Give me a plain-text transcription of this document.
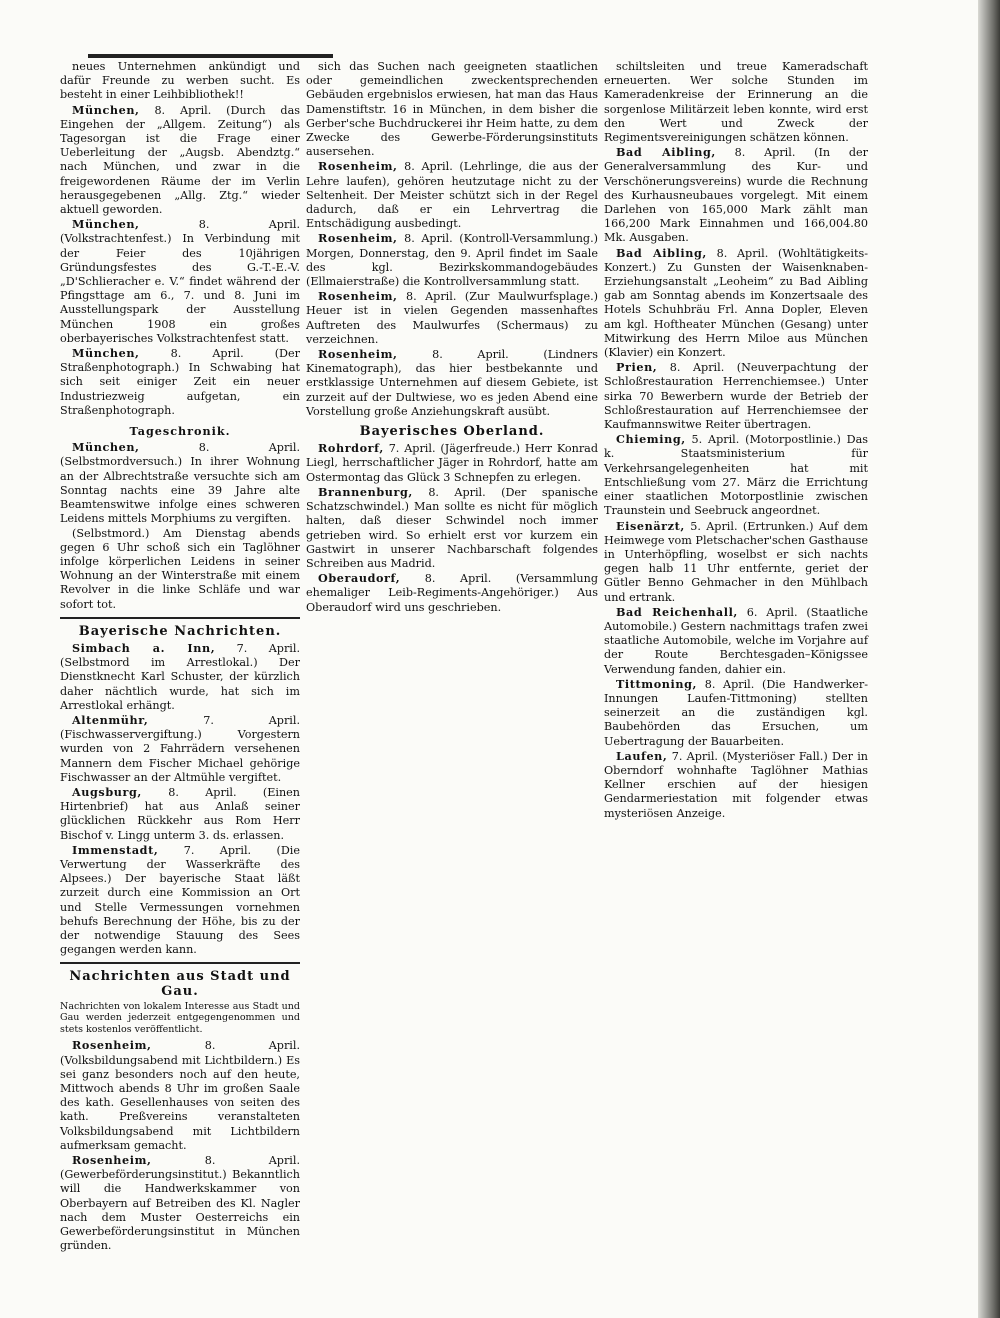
neues Unternehmen ankündigt und dafür Freunde zu werben sucht. Es besteht in einer Leihbibliothek!!

München, 8. April. (Durch das Eingehen der „Allgem. Zeitung“) als Tagesorgan ist die Frage einer Ueberleitung der „Augsb. Abendztg.“ nach München, und zwar in die freigewordenen Räume der im Verlin herausgegebenen „Allg. Ztg.“ wieder aktuell geworden.

München,	8. April. (Volkstrachtenfest.) In Verbindung mit der Feier des 10jährigen Gründungsfestes des G.-T.-E.-V. „D'Schlieracher e. V.“ findet während der Pfingsttage am 6., 7. und 8. Juni im Ausstellungspark der Ausstellung München 1908 ein großes oberbayerisches Volkstrachtenfest statt.

München,	8. April. (Der Straßenphotograph.) In Schwabing hat sich seit einiger Zeit ein neuer Industriezweig aufgetan, ein Straßenphotograph.

Tageschronik.

München,	8. April. (Selbstmordversuch.) In ihrer Wohnung an der Albrechtstraße versuchte sich am Sonntag nachts eine 39 Jahre alte Beamtenswitwe infolge eines schweren Leidens mittels Morphiums zu vergiften.

(Selbstmord.) Am Dienstag abends gegen 6 Uhr schoß sich ein Taglöhner infolge körperlichen Leidens in seiner Wohnung an der Winterstraße mit einem Revolver in die linke Schläfe und war sofort tot.

Bayerische Nachrichten.

Simbach a. Inn, 7. April. (Selbstmord im Arrestlokal.) Der Dienstknecht Karl Schuster, der kürzlich daher nächtlich wurde, hat sich im Arrestlokal erhängt.

Altenmühr,	7. April. (Fischwasservergiftung.) Vorgestern wurden von 2 Fahrrädern versehenen Mannern dem Fischer Michael gehörige Fischwasser an der Altmühle vergiftet.

Augsburg, 8. April. (Einen Hirtenbrief) hat aus Anlaß seiner glücklichen Rückkehr aus Rom Herr Bischof v. Lingg unterm 3. ds. erlassen.

Immenstadt, 7. April. (Die Verwertung der Wasserkräfte des Alpsees.) Der bayerische Staat läßt zurzeit durch eine Kommission an Ort und Stelle Vermessungen vornehmen behufs Berechnung der Höhe, bis zu der der notwendige Stauung des Sees gegangen werden kann.

Nachrichten aus Stadt und Gau.
Nachrichten von lokalem Interesse aus Stadt und Gau werden jederzeit entgegengenommen und stets kostenlos veröffentlicht.

Rosenheim,	8. April. (Volksbildungsabend mit Lichtbildern.) Es sei ganz besonders noch auf den heute, Mittwoch abends 8 Uhr im großen Saale des kath. Gesellenhauses von seiten des kath. Preßvereins veranstalteten Volksbildungsabend mit Lichtbildern aufmerksam gemacht.

Rosenheim,	8. April. (Gewerbeförderungsinstitut.) Bekanntlich will die Handwerkskammer von Oberbayern auf Betreiben des Kl. Nagler nach dem Muster Oesterreichs ein Gewerbeförderungsinstitut in München gründen.

sich das Suchen nach geeigneten staatlichen oder gemeindlichen zweckentsprechenden Gebäuden ergebnislos erwiesen, hat man das Haus Damenstiftstr. 16 in München, in dem bisher die Gerber'sche Buchdruckerei ihr Heim hatte, zu dem Zwecke des Gewerbe-Förderungsinstituts ausersehen.

Rosenheim, 8. April. (Lehrlinge, die aus der Lehre laufen), gehören heutzutage nicht zu der Seltenheit. Der Meister schützt sich in der Regel dadurch, daß er ein Lehrvertrag die Entschädigung ausbedingt.

Rosenheim, 8. April. (Kontroll-Versammlung.) Morgen, Donnerstag, den 9. April findet im Saale des kgl. Bezirkskommandogebäudes (Ellmaierstraße) die Kontrollversammlung statt.

Rosenheim, 8. April. (Zur Maulwurfsplage.) Heuer ist in vielen Gegenden massenhaftes Auftreten des Maulwurfes (Schermaus) zu verzeichnen.

Rosenheim,	8. April. (Lindners Kinematograph), das hier bestbekannte und erstklassige Unternehmen auf diesem Gebiete, ist zurzeit auf der Dultwiese, wo es jeden Abend eine Vorstellung große Anziehungskraft ausübt.

Bayerisches Oberland.

Rohrdorf, 7. April. (Jägerfreude.) Herr Konrad Liegl, herrschaftlicher Jäger in Rohrdorf, hatte am Ostermontag das Glück 3 Schnepfen zu erlegen.

Brannenburg, 8. April. (Der spanische Schatzschwindel.) Man sollte es nicht für möglich halten, daß dieser Schwindel noch immer getrieben wird. So erhielt erst vor kurzem ein Gastwirt in unserer Nachbarschaft folgendes Schreiben aus Madrid.

Oberaudorf, 8. April. (Versammlung ehemaliger Leib-Regiments-Angehöriger.) Aus Oberaudorf wird uns geschrieben.

schiltsleiten und treue Kameradschaft erneuerten. Wer solche Stunden im Kameradenkreise der Erinnerung an die sorgenlose Militärzeit leben konnte, wird erst den Wert und Zweck der Regimentsvereinigungen schätzen können.

Bad Aibling, 8. April. (In der Generalversammlung des Kur- und Verschönerungsvereins) wurde die Rechnung des Kurhausneubaues vorgelegt. Mit einem Darlehen von 165,000 Mark zählt man 166,200 Mark Einnahmen und 166,004.80 Mk. Ausgaben.

Bad Aibling, 8. April. (Wohltätigkeits-Konzert.) Zu Gunsten der Waisenknaben-Erziehungsanstalt „Leoheim“ zu Bad Aibling gab am Sonntag abends im Konzertsaale des Hotels Schuhbräu Frl. Anna Dopler, Eleven am kgl. Hoftheater München (Gesang) unter Mitwirkung des Herrn Miloe aus München (Klavier) ein Konzert.

Prien, 8. April. (Neuverpachtung der Schloßrestauration Herrenchiemsee.) Unter sirka 70 Bewerbern wurde der Betrieb der Schloßrestauration auf Herrenchiemsee der Kaufmannswitwe Reiter übertragen.

Chieming, 5. April. (Motorpostlinie.) Das k. Staatsministerium für Verkehrsangelegenheiten hat mit Entschließung vom 27. März die Errichtung einer staatlichen Motorpostlinie zwischen Traunstein und Seebruck angeordnet.

Eisenärzt, 5. April. (Ertrunken.) Auf dem Heimwege vom Pletschacher'schen Gasthause in Unterhöpfling, woselbst er sich nachts gegen halb 11 Uhr entfernte, geriet der Gütler Benno Gehmacher in den Mühlbach und ertrank.

Bad Reichenhall, 6. April. (Staatliche Automobile.) Gestern nachmittags trafen zwei staatliche Automobile, welche im Vorjahre auf der Route Berchtesgaden–Königssee Verwendung fanden, dahier ein.

Tittmoning, 8. April. (Die Handwerker-Innungen Laufen-Tittmoning) stellten seinerzeit an die zuständigen kgl. Baubehörden das Ersuchen, um Uebertragung der Bauarbeiten.

Laufen, 7. April. (Mysteriöser Fall.) Der in Oberndorf wohnhafte Taglöhner Mathias Kellner erschien auf der hiesigen Gendarmeriestation mit folgender etwas mysteriösen Anzeige.
